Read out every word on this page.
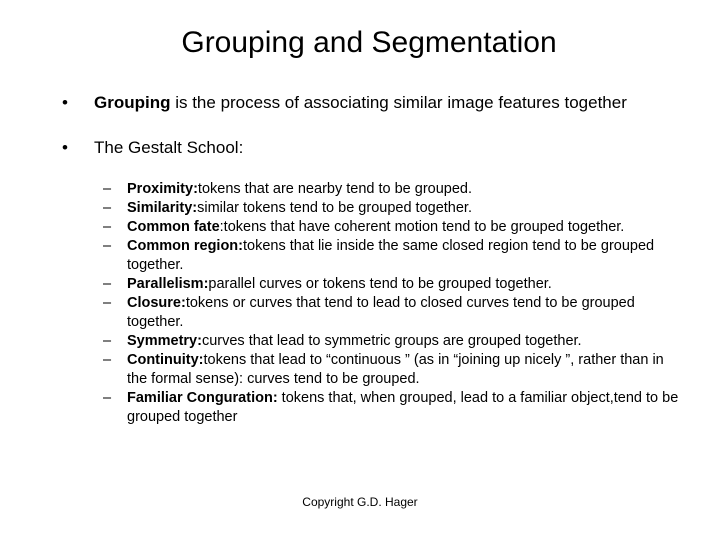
Grouping and Segmentation
• Grouping is the process of associating similar image features together
• The Gestalt School:
– Proximity:tokens that are nearby tend to be grouped.
– Similarity:similar tokens tend to be grouped together.
– Common fate:tokens that have coherent motion tend to be grouped together.
– Common region:tokens that lie inside the same closed region tend to be grouped together.
– Parallelism:parallel curves or tokens tend to be grouped together.
– Closure:tokens or curves that tend to lead to closed curves tend to be grouped together.
– Symmetry:curves that lead to symmetric groups are grouped together.
– Continuity:tokens that lead to “continuous ” (as in “joining up nicely ”, rather than in the formal sense): curves tend to be grouped.
– Familiar Conguration: tokens that, when grouped, lead to a familiar object,tend to be grouped together
Copyright G.D. Hager
